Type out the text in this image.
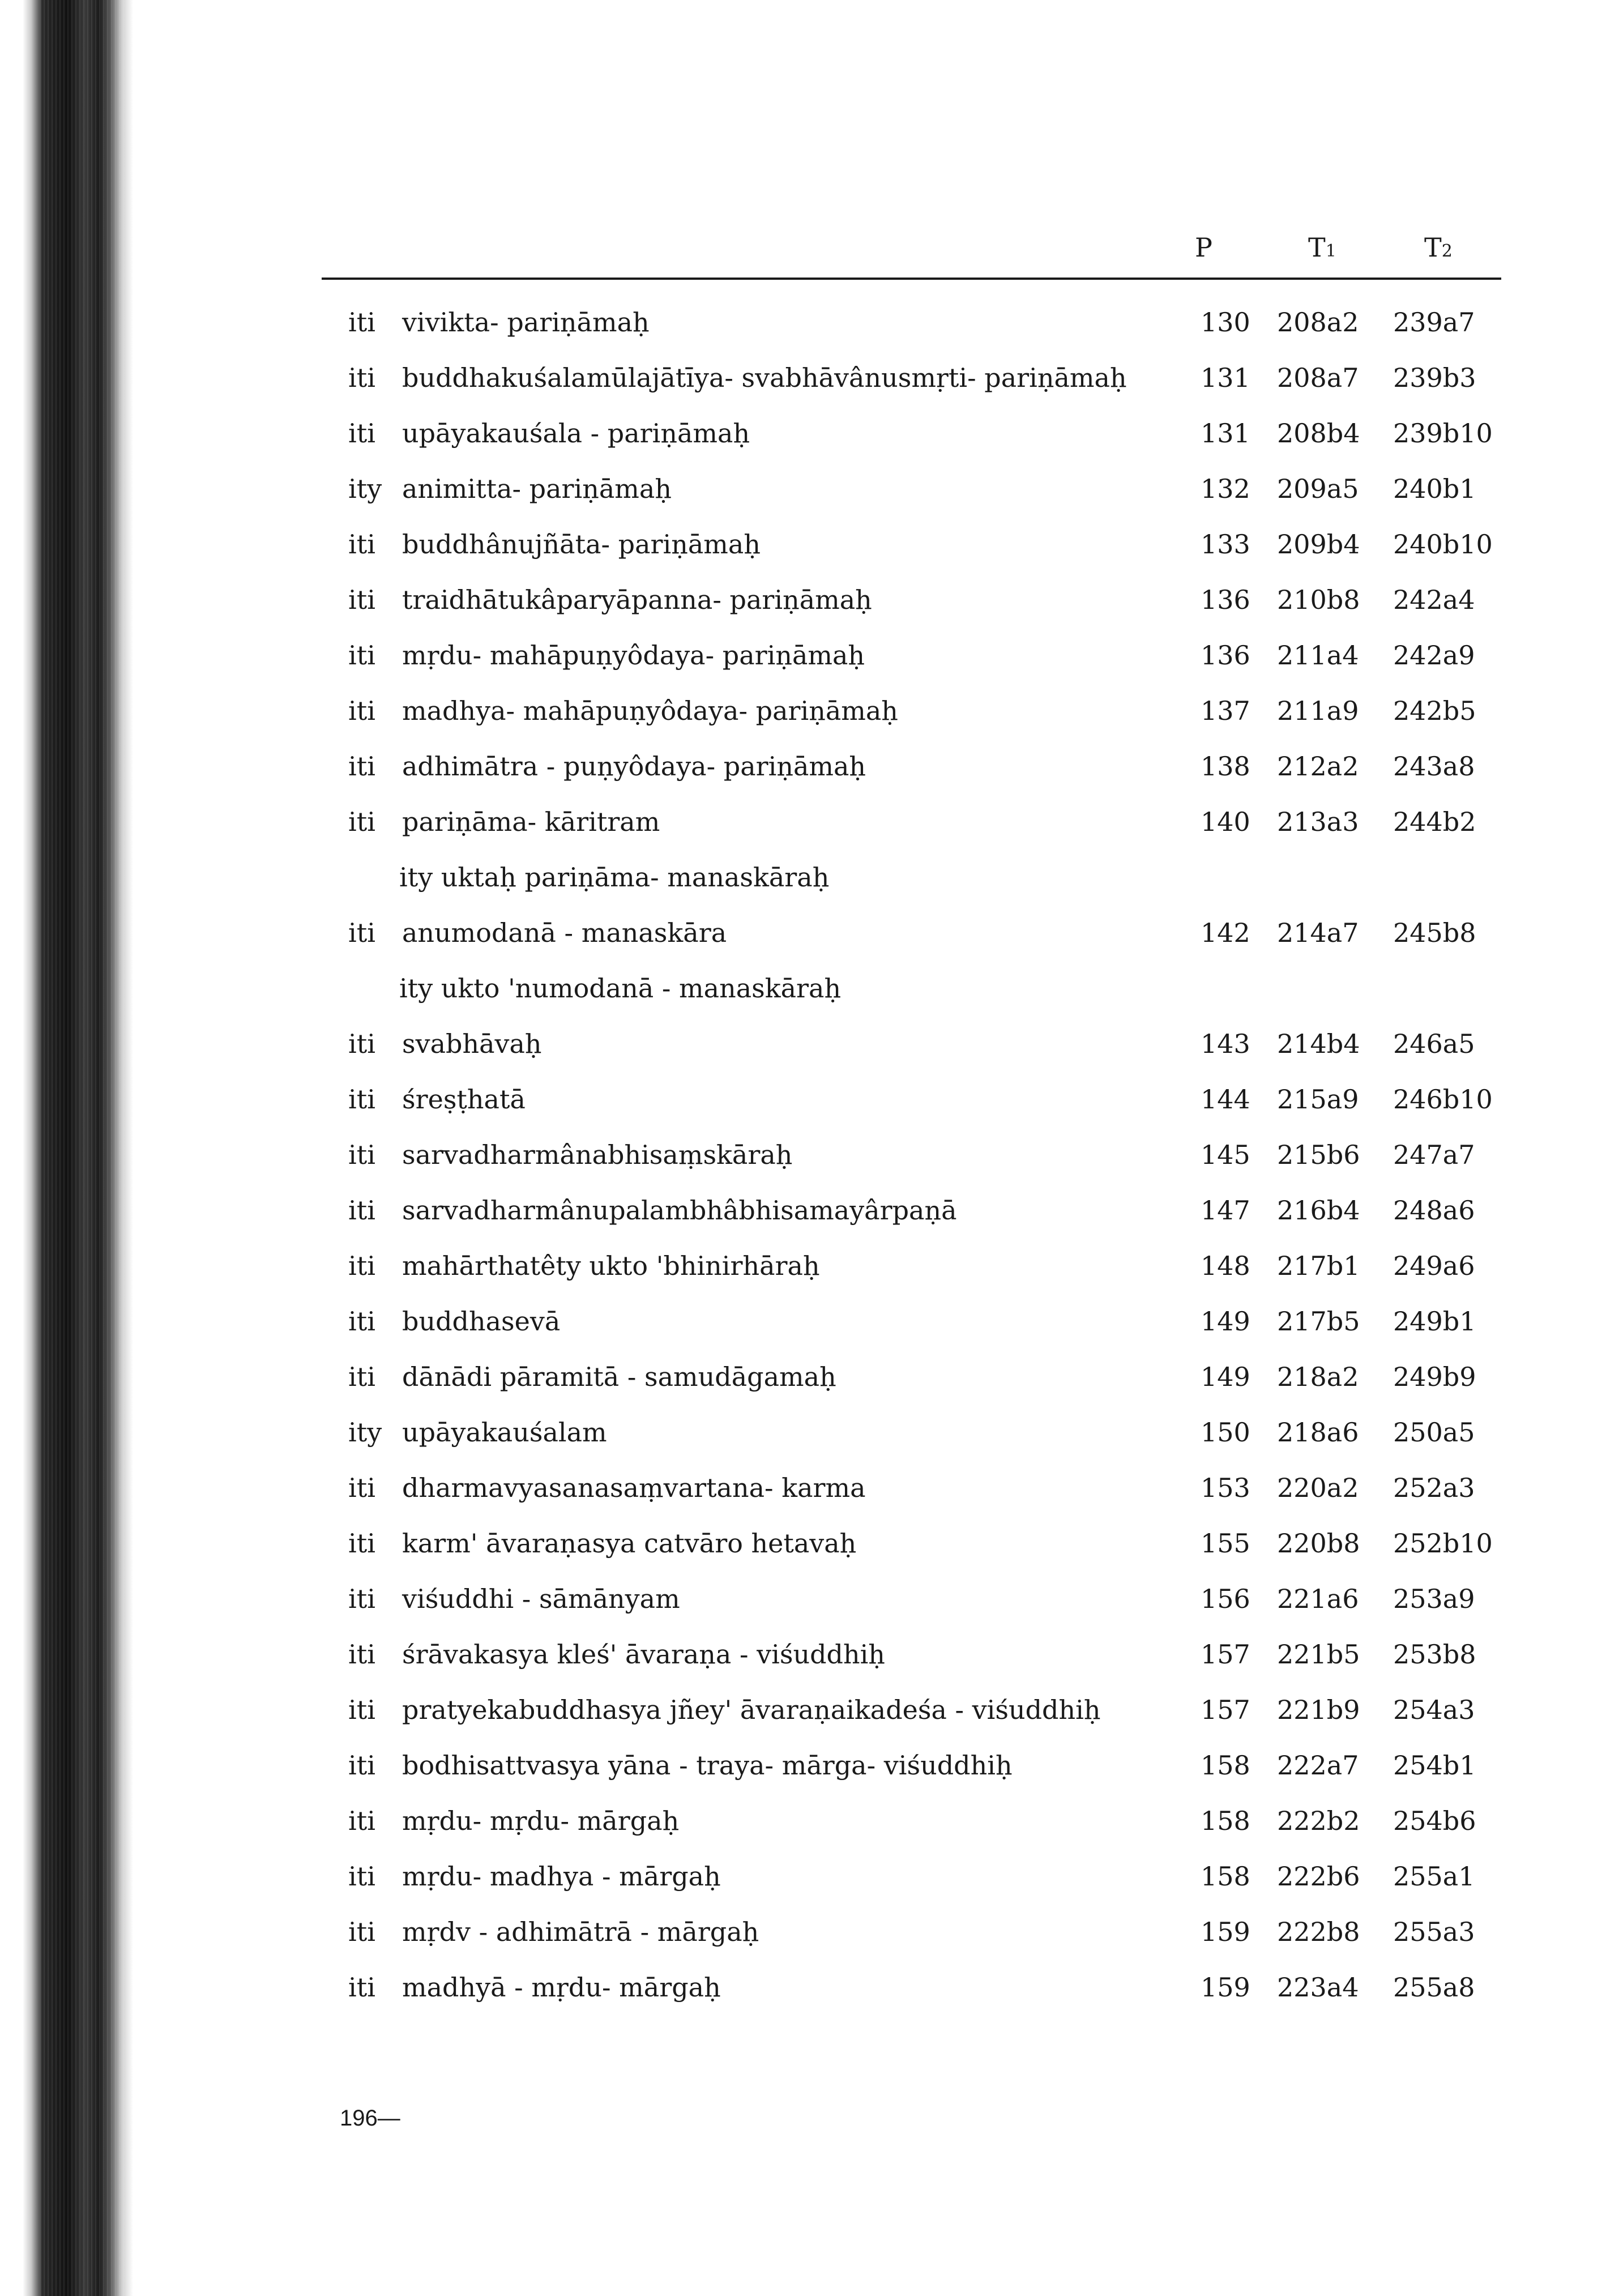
P	T1	T2
iti vivikta- pariṇāmaḥ	130 208a2 239a7
iti buddhakuśalamūlajātīya- svabhāvânusmṛti- pariṇāmaḥ	131 208a7 239b3
iti upāyakauśala - pariṇāmaḥ	131 208b4 239b10
ity animitta- pariṇāmaḥ	132 209a5 240b1
iti buddhânujñāta- pariṇāmaḥ	133 209b4 240b10
iti traidhātukâparyāpanna- pariṇāmaḥ	136 210b8 242a4
iti mṛdu- mahāpuṇyôdaya- pariṇāmaḥ	136 211a4 242a9
iti madhya- mahāpuṇyôdaya- pariṇāmaḥ	137 211a9 242b5
iti adhimātra - puṇyôdaya- pariṇāmaḥ	138 212a2 243a8
iti pariṇāma- kāritram	140 213a3 244b2
ity uktaḥ pariṇāma- manaskāraḥ
iti anumodanā - manaskāra	142 214a7 245b8
ity ukto 'numodanā - manaskāraḥ
iti svabhāvaḥ	143 214b4 246a5
iti śreṣṭhatā	144 215a9 246b10
iti sarvadharmânabhisaṃskāraḥ	145 215b6 247a7
iti sarvadharmânupalambhâbhisamayârpaṇā	147 216b4 248a6
iti mahārthatêty ukto 'bhinirhāraḥ	148 217b1 249a6
iti buddhasevā	149 217b5 249b1
iti dānādi pāramitā - samudāgamaḥ	149 218a2 249b9
ity upāyakauśalam	150 218a6 250a5
iti dharmavyasanasaṃvartana- karma	153 220a2 252a3
iti karm' āvaraṇasya catvāro hetavaḥ	155 220b8 252b10
iti viśuddhi - sāmānyam	156 221a6 253a9
iti śrāvakasya kleś' āvaraṇa - viśuddhiḥ	157 221b5 253b8
iti pratyekabuddhasya jñey' āvaraṇaikadeśa - viśuddhiḥ	157 221b9 254a3
iti bodhisattvasya yāna - traya- mārga- viśuddhiḥ	158 222a7 254b1
iti mṛdu- mṛdu- mārgaḥ	158 222b2 254b6
iti mṛdu- madhya - mārgaḥ	158 222b6 255a1
iti mṛdv - adhimātrā - mārgaḥ	159 222b8 255a3
iti madhyā - mṛdu- mārgaḥ	159 223a4 255a8
196—
